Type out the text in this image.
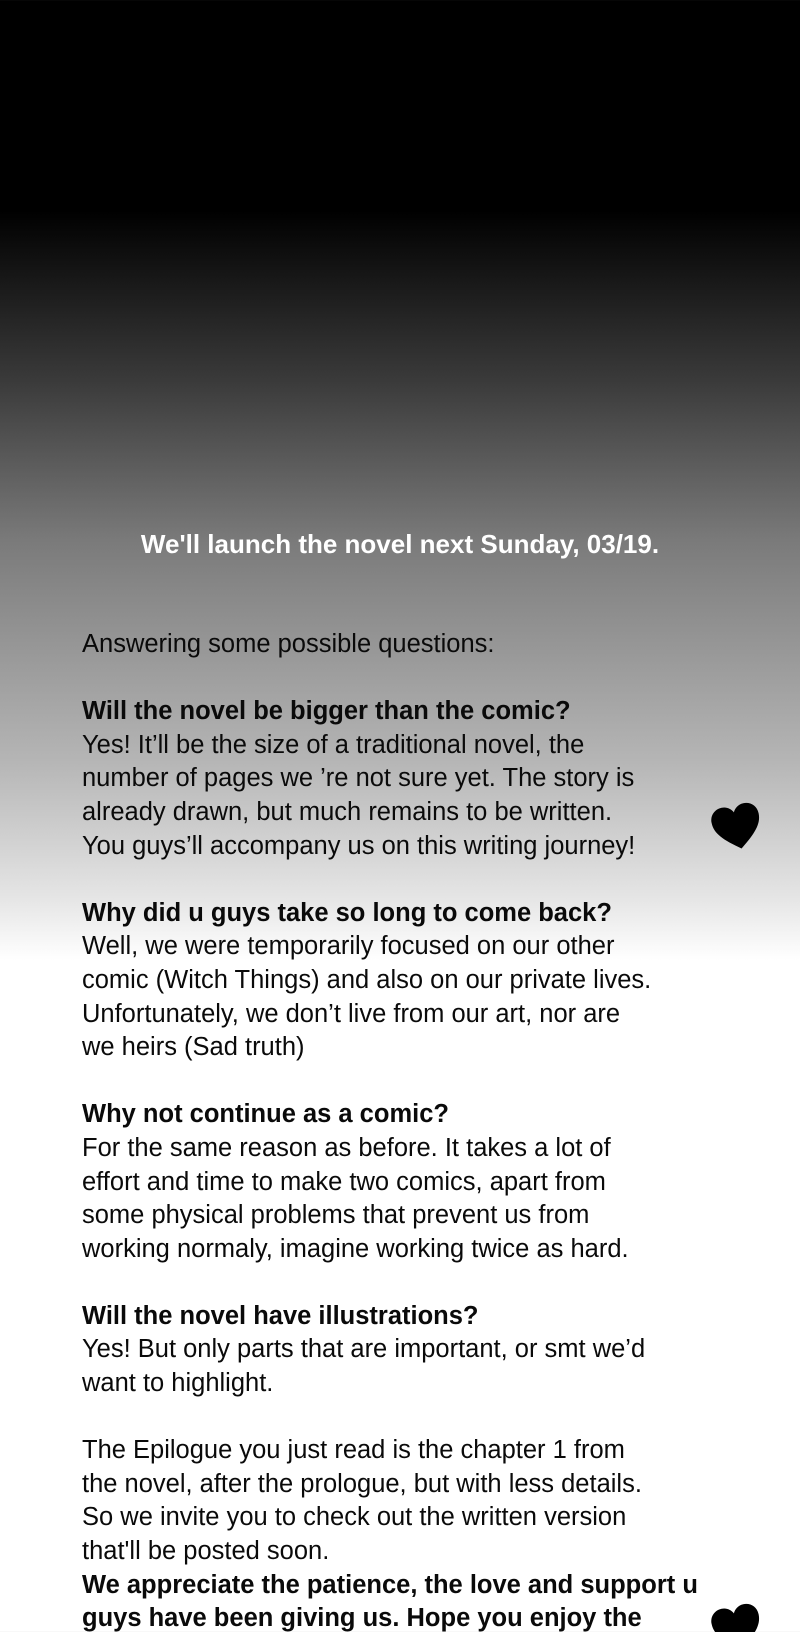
We'll launch the novel next Sunday, 03/19.
Answering some possible questions:
Will the novel be bigger than the comic?
Yes! It’ll be the size of a traditional novel, the
number of pages we ’re not sure yet. The story is
already drawn, but much remains to be written.
You guys’ll accompany us on this writing journey!
Why did u guys take so long to come back?
Well, we were temporarily focused on our other
comic (Witch Things) and also on our private lives.
Unfortunately, we don’t live from our art, nor are
we heirs (Sad truth)
Why not continue as a comic?
For the same reason as before. It takes a lot of
effort and time to make two comics, apart from
some physical problems that prevent us from
working normaly, imagine working twice as hard.
Will the novel have illustrations?
Yes! But only parts that are important, or smt we’d
want to highlight.
The Epilogue you just read is the chapter 1 from
the novel, after the prologue, but with less details.
So we invite you to check out the written version
that'll be posted soon.
We appreciate the patience, the love and support u
guys have been giving us. Hope you enjoy the
